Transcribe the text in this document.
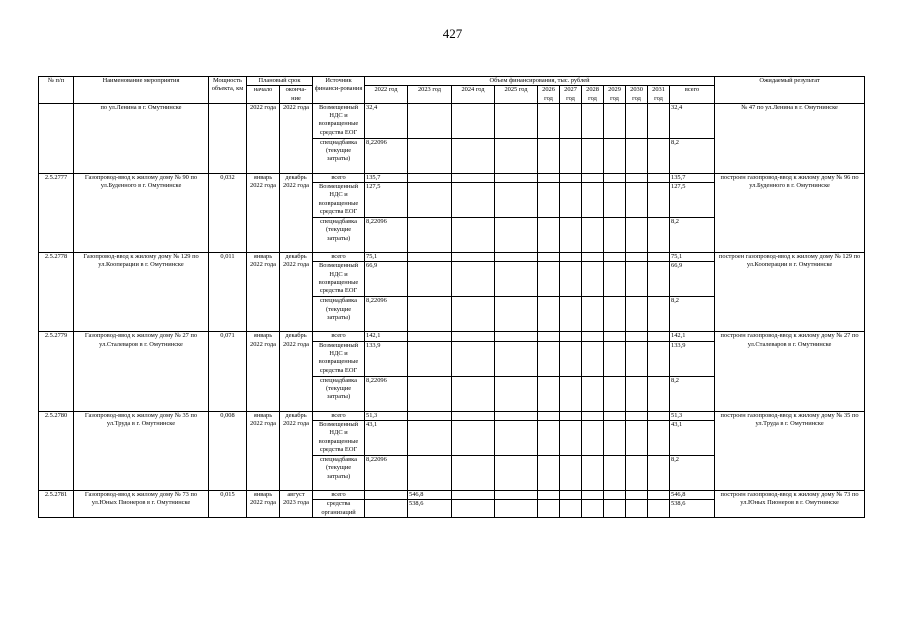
427
№ п/п	Наименование мероприятия	Мощность объекта, км	Плановый срок		Источник финанси-рования	Объем финансирования, тыс. рублей											Ожидаемый результат
			начало	оконча-ние		2022 год	2023 год	2024 год	2025 год	2026 год	2027 год	2028 год	2029 год	2030 год	2031 год	всего	
	по ул.Ленина в г. Омутнинске		2022 года	2022 года	Возмещенный НДС и возвращенные средства ЕОГ	32,4										32,4	№ 47 по ул.Ленина в г. Омутнинске
					спецнадбавка (текущие затраты)	8,22096										8,2	
2.5.2777	Газопровод-ввод к жилому дому № 90 по ул.Буденного в г. Омутнинске	0,032	январь 2022 года	декабрь 2022 года	всего	135,7										135,7	построен газопровод-ввод к жилому дому № 96 по ул.Буденного в г. Омутнинске
					Возмещенный НДС и возвращенные средства ЕОГ	127,5										127,5	
					спецнадбавка (текущие затраты)	8,22096										8,2	
2.5.2778	Газопровод-ввод к жилому дому № 129 по ул.Кооперации в г. Омутнинске	0,011	январь 2022 года	декабрь 2022 года	всего	75,1										75,1	построен газопровод-ввод к жилому дому № 129 по ул.Кооперации в г. Омутнинске
					Возмещенный НДС и возвращенные средства ЕОГ	66,9										66,9	
					спецнадбавка (текущие затраты)	8,22096										8,2	
2.5.2779	Газопровод-ввод к жилому дому № 27 по ул.Сталеваров в г. Омутнинске	0,071	январь 2022 года	декабрь 2022 года	всего	142,1										142,1	построен газопровод-ввод к жилому дому № 27 по ул.Сталеваров в г. Омутнинске
					Возмещенный НДС и возвращенные средства ЕОГ	133,9										133,9	
					спецнадбавка (текущие затраты)	8,22096										8,2	
2.5.2780	Газопровод-ввод к жилому дому № 35 по ул.Труда в г. Омутнинске	0,008	январь 2022 года	декабрь 2022 года	всего	51,3										51,3	построен газопровод-ввод к жилому дому № 35 по ул.Труда в г. Омутнинске
					Возмещенный НДС и возвращенные средства ЕОГ	43,1										43,1	
					спецнадбавка (текущие затраты)	8,22096										8,2	
2.5.2781	Газопровод-ввод к жилому дому № 73 по ул.Юных Пионеров в г. Омутнинске	0,015	январь 2022 года	август 2023 года	всего		546,8									546,8	построен газопровод-ввод к жилому дому № 73 по ул.Юных Пионеров в г. Омутнинске
					средства организаций		538,6									538,6	
